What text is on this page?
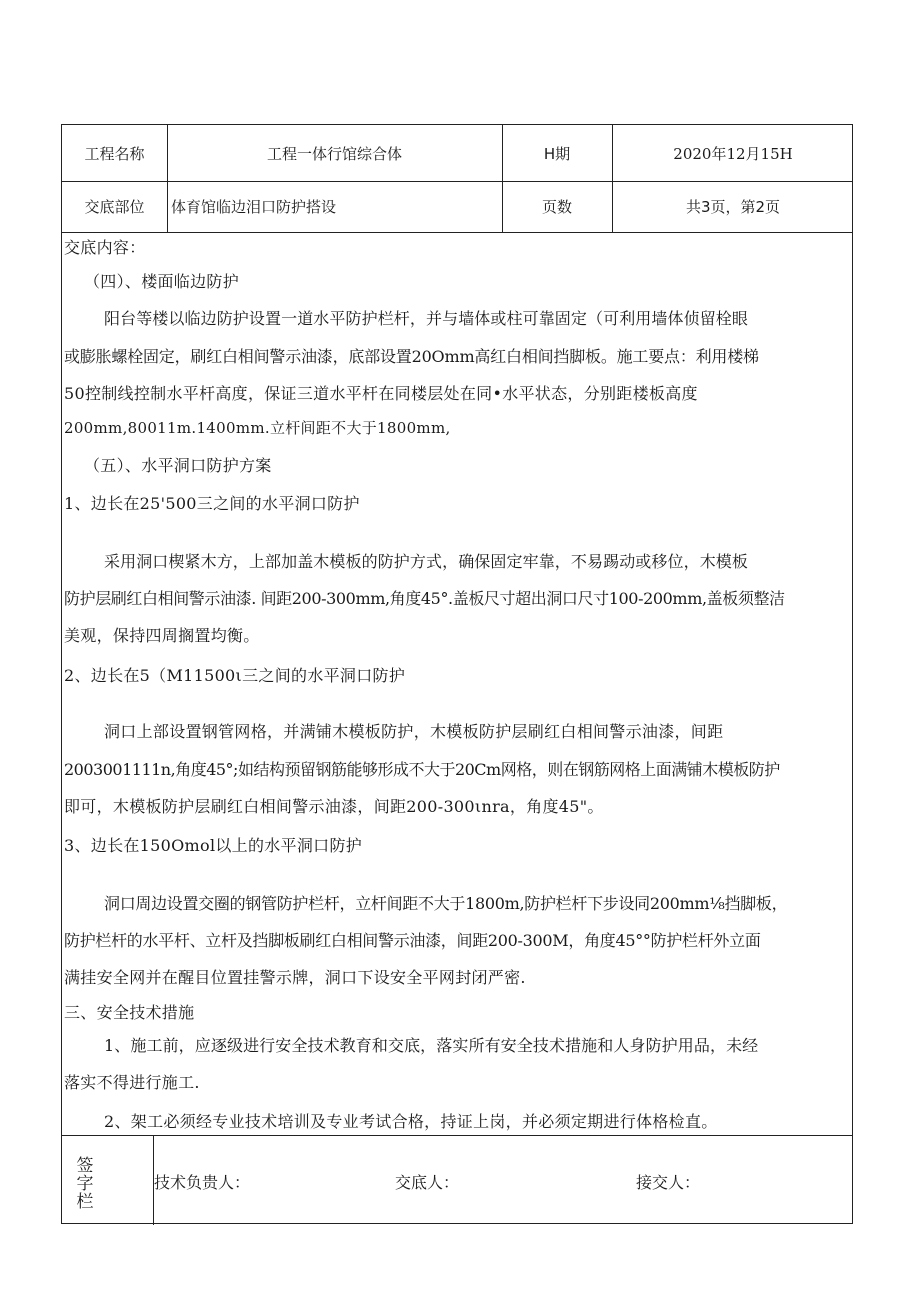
工程名称	工程一体行馆综合体	H期	2020年12月15H
交底部位	体育馆临边泪口防护搭设	页数	共3页，第2页
交底内容：
（四）、楼面临边防护
阳台等楼以临边防护设置一道水平防护栏杆，并与墙体或柱可靠固定（可利用墙体侦留栓眼
或膨胀螺栓固定，刷红白相间警示油漆，底部设置20Omm高红白相间挡脚板。施工要点：利用楼梯
50控制线控制水平杆高度，保证三道水平杆在同楼层处在同•水平状态，分别距楼板高度
200mm,80011m.1400mm.立杆间距不大于1800mm,
（五）、水平洞口防护方案
1、边长在25'500三之间的水平洞口防护
采用洞口楔紧木方，上部加盖木模板的防护方式，确保固定牢靠，不易踢动或移位，木模板
防护层刷红白相间警示油漆. 间距200-300mm,角度45°.盖板尺寸超出洞口尺寸100-200mm,盖板须整洁
美观，保持四周搁置均衡。
2、边长在5（M11500ι三之间的水平洞口防护
洞口上部设置钢管网格，并满铺木模板防护，木模板防护层刷红白相间警示油漆，间距
2003001111n,角度45°;如结构预留钢筋能够形成不大于20Cm网格，则在钢筋网格上面满铺木模板防护
即可，木模板防护层刷红白相间警示油漆，间距200-300ιnra，角度45"。
3、边长在150Omol以上的水平洞口防护
洞口周边设置交圈的钢管防护栏杆，立杆间距不大于1800m,防护栏杆下步设同200mm⅛挡脚板，
防护栏杆的水平杆、立杆及挡脚板刷红白相间警示油漆，间距200-300M，角度45°°防护栏杆外立面
满挂安全网并在醒目位置挂警示牌，洞口下设安全平网封闭严密.
三、安全技术措施
1、施工前，应逐级进行安全技术教育和交底，落实所有安全技术措施和人身防护用品，未经
落实不得进行施工.
2、架工必须经专业技术培训及专业考试合格，持证上岗，并必须定期进行体格检直。
签
字
栏
技术负贵人：	交底人：	接交人：
